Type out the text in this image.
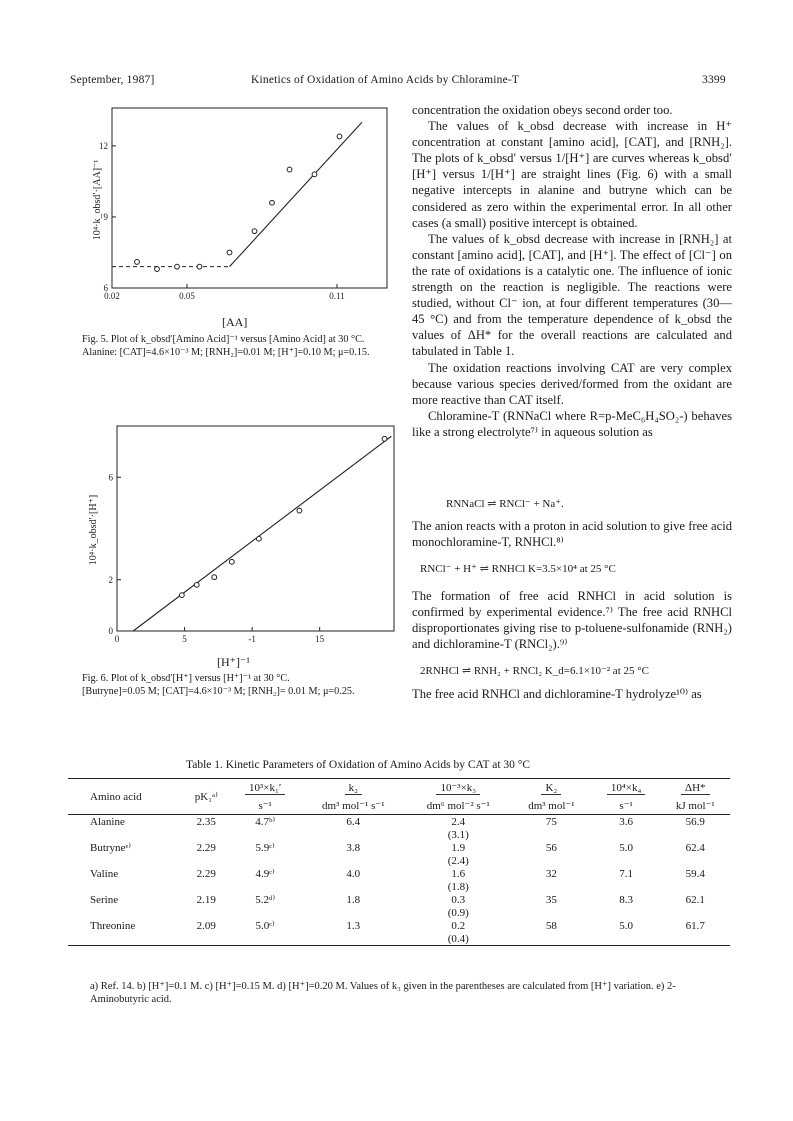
September, 1987]	Kinetics of Oxidation of Amino Acids by Chloramine-T	3399
10⁴·k_obsd′·[AA]⁻¹
0.02	0.05	0.11
6
9
12
[AA]
Fig. 5. Plot of k_obsd′[Amino Acid]⁻¹ versus [Amino Acid] at 30 °C.
Alanine: [CAT]=4.6×10⁻³ M; [RNH₂]=0.01 M; [H⁺]=0.10 M; μ=0.15.
10⁴·k_obsd′·[H⁺]
0	5	-1	15
0
2
6
[H⁺]⁻¹
Fig. 6. Plot of k_obsd′[H⁺] versus [H⁺]⁻¹ at 30 °C.
[Butryne]=0.05 M; [CAT]=4.6×10⁻³ M; [RNH₂]= 0.01 M; μ=0.25.

concentration the oxidation obeys second order too.

The values of k_obsd decrease with increase in H⁺ concentration at constant [amino acid], [CAT], and [RNH₂]. The plots of k_obsd′ versus 1/[H⁺] are curves whereas k_obsd′[H⁺] versus 1/[H⁺] are straight lines (Fig. 6) with a small negative intercepts in alanine and butryne which can be considered as zero within the experimental error. In all other cases (a small) positive intercept is obtained.

The values of k_obsd decrease with increase in [RNH₂] at constant [amino acid], [CAT], and [H⁺]. The effect of [Cl⁻] on the rate of oxidations is a catalytic one. The influence of ionic strength on the reaction is negligible. The reactions were studied, without Cl⁻ ion, at four different temperatures (30—45 °C) and from the temperature dependence of k_obsd the values of ΔH* for the overall reactions are calculated and tabulated in Table 1.

The oxidation reactions involving CAT are very complex because various species derived/formed from the oxidant are more reactive than CAT itself.

Chloramine-T (RNNaCl where R=p-MeC₆H₄SO₂-) behaves like a strong electrolyte⁷⁾ in aqueous solution as

RNNaCl ⇌ RNCl⁻ + Na⁺.

The anion reacts with a proton in acid solution to give free acid monochloramine-T, RNHCl.⁸⁾

RNCl⁻ + H⁺ ⇌ RNHCl K=3.5×10⁴ at 25 °C

The formation of free acid RNHCl in acid solution is confirmed by experimental evidence.⁷⁾ The free acid RNHCl disproportionates giving rise to p-toluene-sulfonamide (RNH₂) and dichloramine-T (RNCl₂).⁹⁾

2RNHCl ⇌ RNH₂ + RNCl₂ K_d=6.1×10⁻² at 25 °C

The free acid RNHCl and dichloramine-T hydrolyze¹⁰⁾ as

Table 1. Kinetic Parameters of Oxidation of Amino Acids by CAT at 30 °C
Amino acid	pK₁ᵃ⁾	10³×k₁′	k₂	10⁻³×k₃	K₂	10⁴×k₄	ΔH*
		s⁻¹	dm³ mol⁻¹ s⁻¹	dm⁶ mol⁻² s⁻¹	dm³ mol⁻¹	s⁻¹	kJ mol⁻¹
Alanine	2.35	4.7ᵇ⁾	6.4	2.4	75	3.6	56.9
				(3.1)			
Butryneᵉ⁾	2.29	5.9ᶜ⁾	3.8	1.9	56	5.0	62.4
				(2.4)			
Valine	2.29	4.9ᶜ⁾	4.0	1.6	32	7.1	59.4
				(1.8)			
Serine	2.19	5.2ᵈ⁾	1.8	0.3	35	8.3	62.1
				(0.9)			
Threonine	2.09	5.0ᶜ⁾	1.3	0.2	58	5.0	61.7
				(0.4)			
a) Ref. 14. b) [H⁺]=0.1 M. c) [H⁺]=0.15 M. d) [H⁺]=0.20 M. Values of k₃ given in the parentheses are calculated from [H⁺] variation. e) 2-Aminobutyric acid.
